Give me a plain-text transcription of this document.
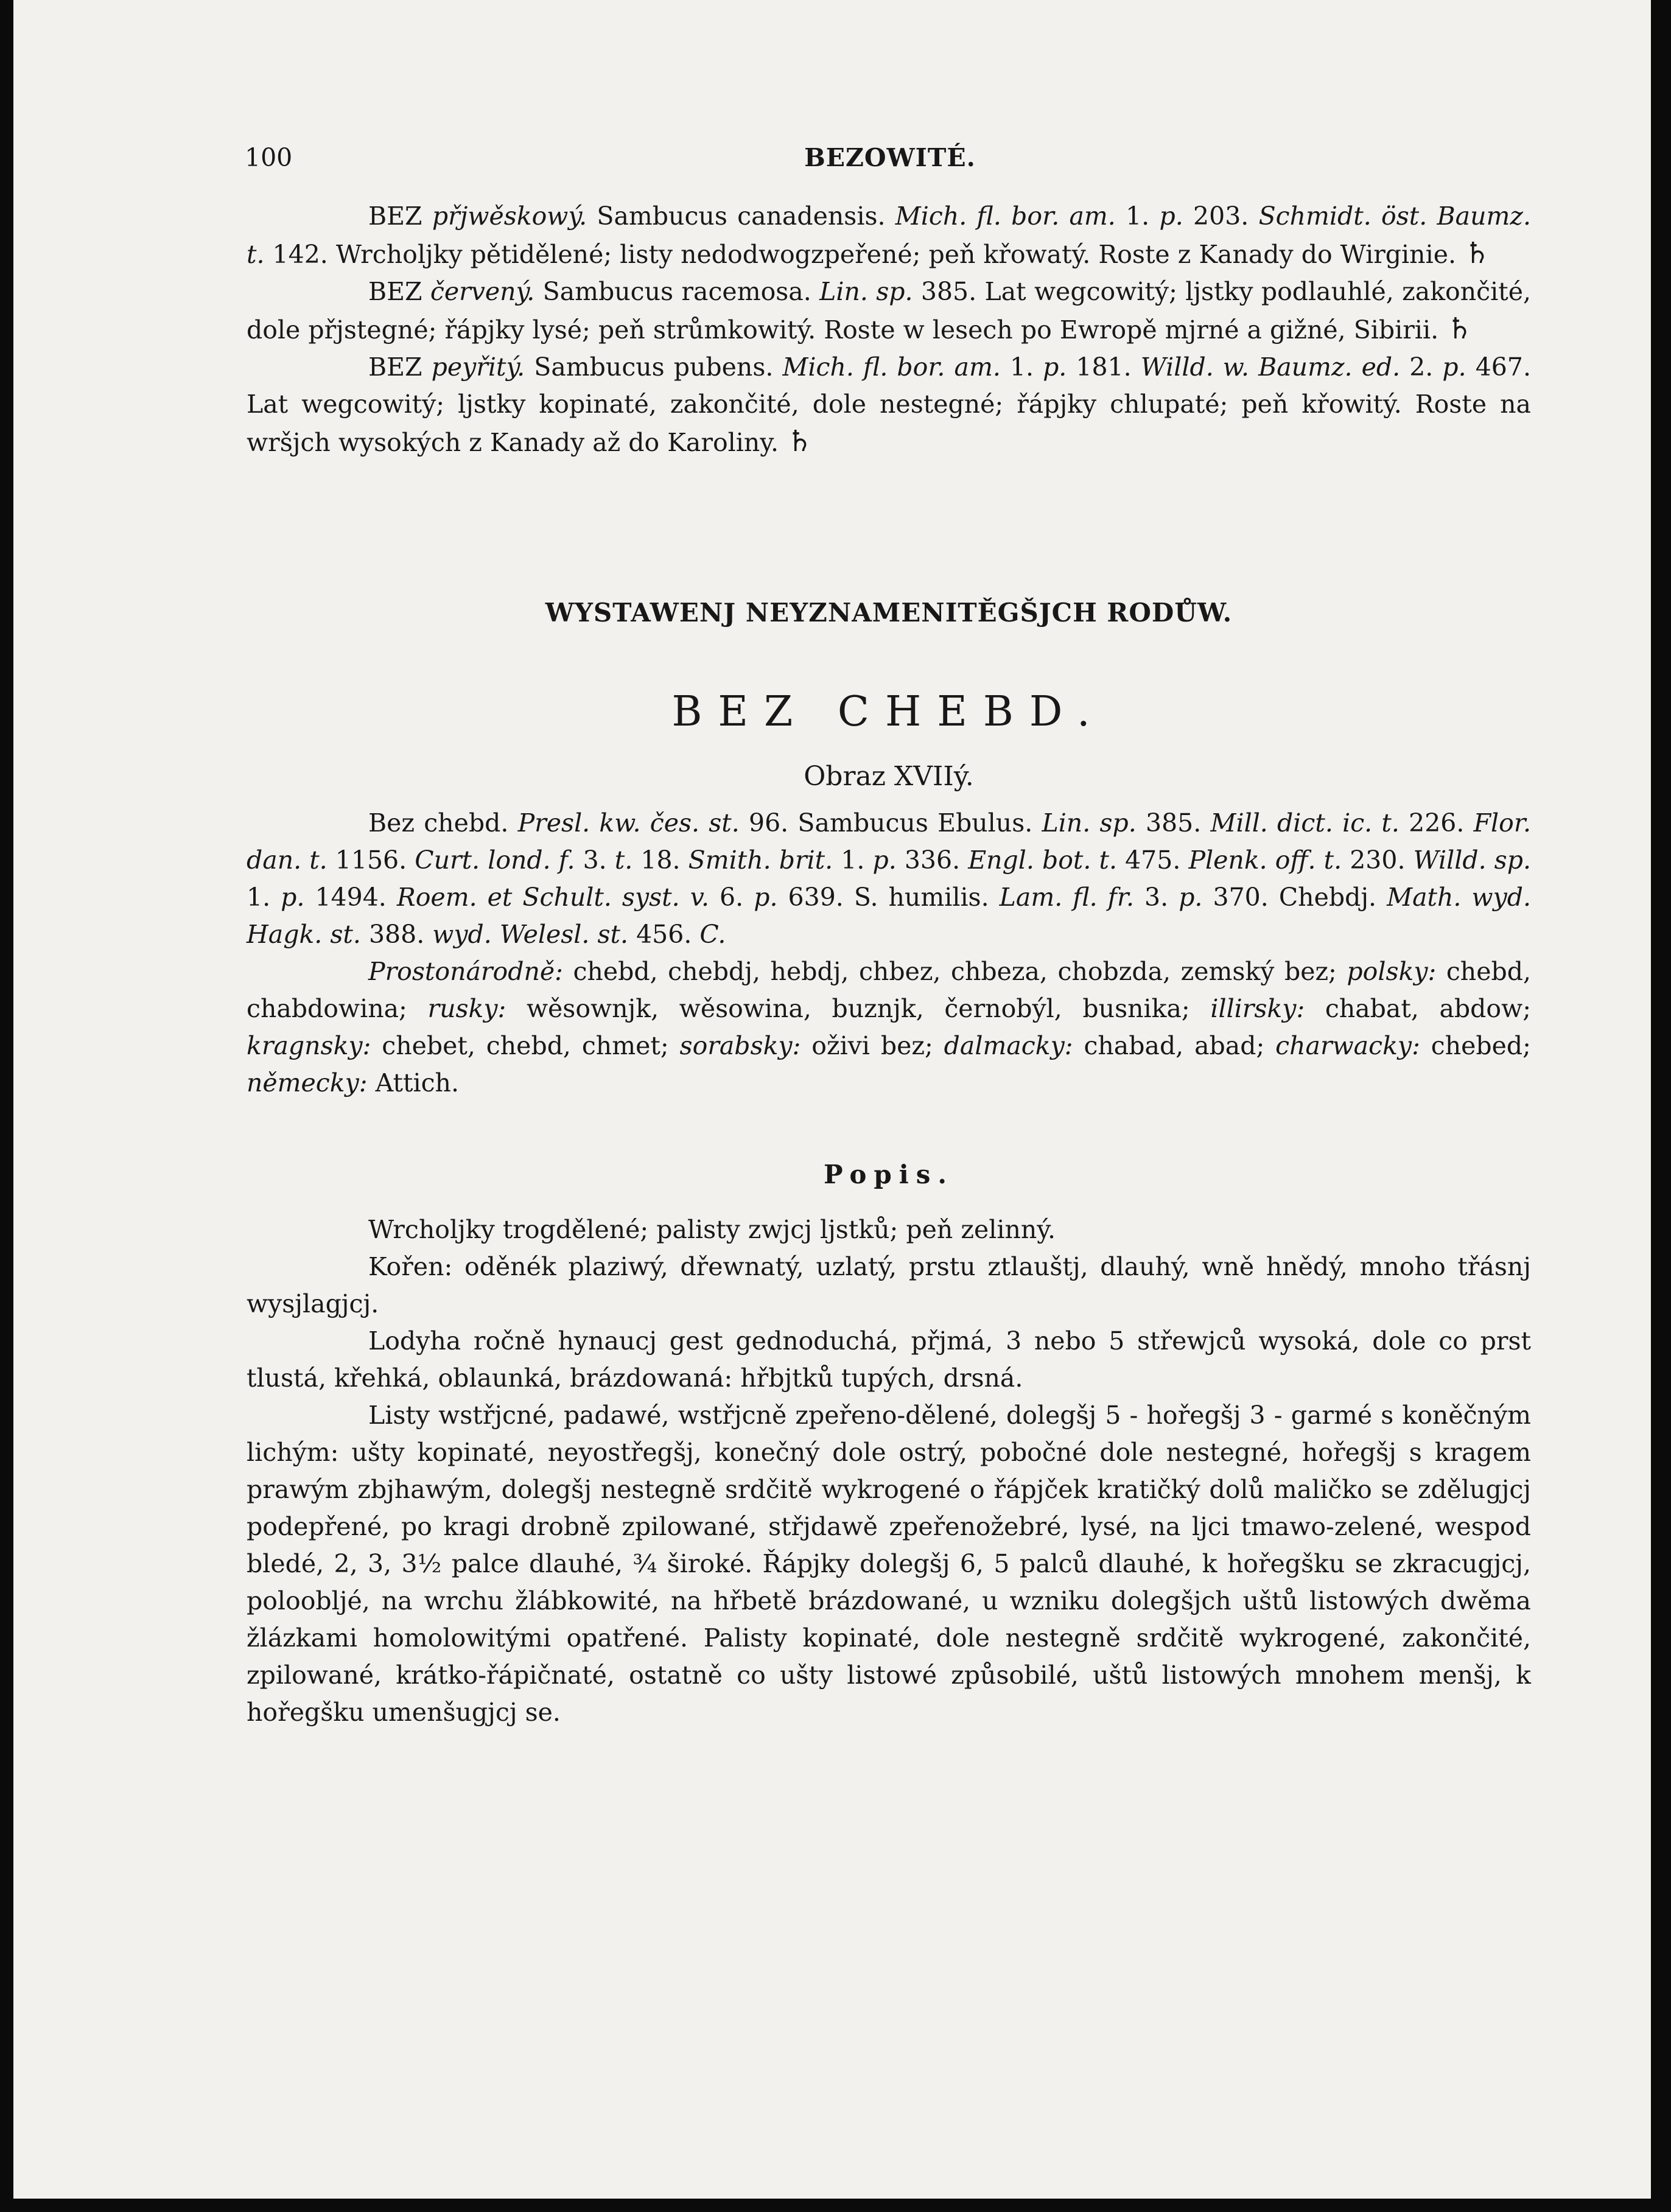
100	BEZOWITÉ.

BEZ přjwěskowý. Sambucus canadensis. Mich. fl. bor. am. 1. p. 203. Schmidt. öst. Baumz. t. 142. Wrcholjky pětidělené; listy nedodwogzpeřené; peň křowatý. Roste z Kanady do Wirginie. ♄

BEZ červený. Sambucus racemosa. Lin. sp. 385. Lat wegcowitý; ljstky podlauhlé, zakončité, dole přjstegné; řápjky lysé; peň strůmkowitý. Roste w lesech po Ewropě mjrné a gižné, Sibirii. ♄

BEZ peyřitý. Sambucus pubens. Mich. fl. bor. am. 1. p. 181. Willd. w. Baumz. ed. 2. p. 467. Lat wegcowitý; ljstky kopinaté, zakončité, dole nestegné; řápjky chlupaté; peň křowitý. Roste na wršjch wysokých z Kanady až do Karoliny. ♄

WYSTAWENJ NEYZNAMENITĚGŠJCH RODŮW.
BEZ CHEBD.
Obraz XVIIý.

Bez chebd. Presl. kw. čes. st. 96. Sambucus Ebulus. Lin. sp. 385. Mill. dict. ic. t. 226. Flor. dan. t. 1156. Curt. lond. f. 3. t. 18. Smith. brit. 1. p. 336. Engl. bot. t. 475. Plenk. off. t. 230. Willd. sp. 1. p. 1494. Roem. et Schult. syst. v. 6. p. 639. S. humilis. Lam. fl. fr. 3. p. 370. Chebdj. Math. wyd. Hagk. st. 388. wyd. Welesl. st. 456. C.

Prostonárodně: chebd, chebdj, hebdj, chbez, chbeza, chobzda, zemský bez; polsky: chebd, chabdowina; rusky: wěsownjk, wěsowina, buznjk, černobýl, busnika; illirsky: chabat, abdow; kragnsky: chebet, chebd, chmet; sorabsky: oživi bez; dalmacky: chabad, abad; charwacky: chebed; německy: Attich.

Popis.

Wrcholjky trogdělené; palisty zwjcj ljstků; peň zelinný.

Kořen: oděnék plaziwý, dřewnatý, uzlatý, prstu ztlauštj, dlauhý, wně hnědý, mnoho třásnj wysjlagjcj.

Lodyha ročně hynaucj gest gednoduchá, přjmá, 3 nebo 5 střewjců wysoká, dole co prst tlustá, křehká, oblaunká, brázdowaná: hřbjtků tupých, drsná.

Listy wstřjcné, padawé, wstřjcně zpeřeno-dělené, dolegšj 5 - hořegšj 3 - garmé s koněčným lichým: ušty kopinaté, neyostřegšj, konečný dole ostrý, pobočné dole nestegné, hořegšj s kragem prawým zbjhawým, dolegšj nestegně srdčitě wykrogené o řápjček kratičký dolů maličko se zdělugjcj podepřené, po kragi drobně zpilowané, střjdawě zpeřenožebré, lysé, na ljci tmawo-zelené, wespod bledé, 2, 3, 3½ palce dlauhé, ¾ široké. Řápjky dolegšj 6, 5 palců dlauhé, k hořegšku se zkracugjcj, poloobljé, na wrchu žlábkowité, na hřbetě brázdowané, u wzniku dolegšjch uštů listowých dwěma žlázkami homolowitými opatřené. Palisty kopinaté, dole nestegně srdčitě wykrogené, zakončité, zpilowané, krátko-řápičnaté, ostatně co ušty listowé způsobilé, uštů listowých mnohem menšj, k hořegšku umenšugjcj se.
